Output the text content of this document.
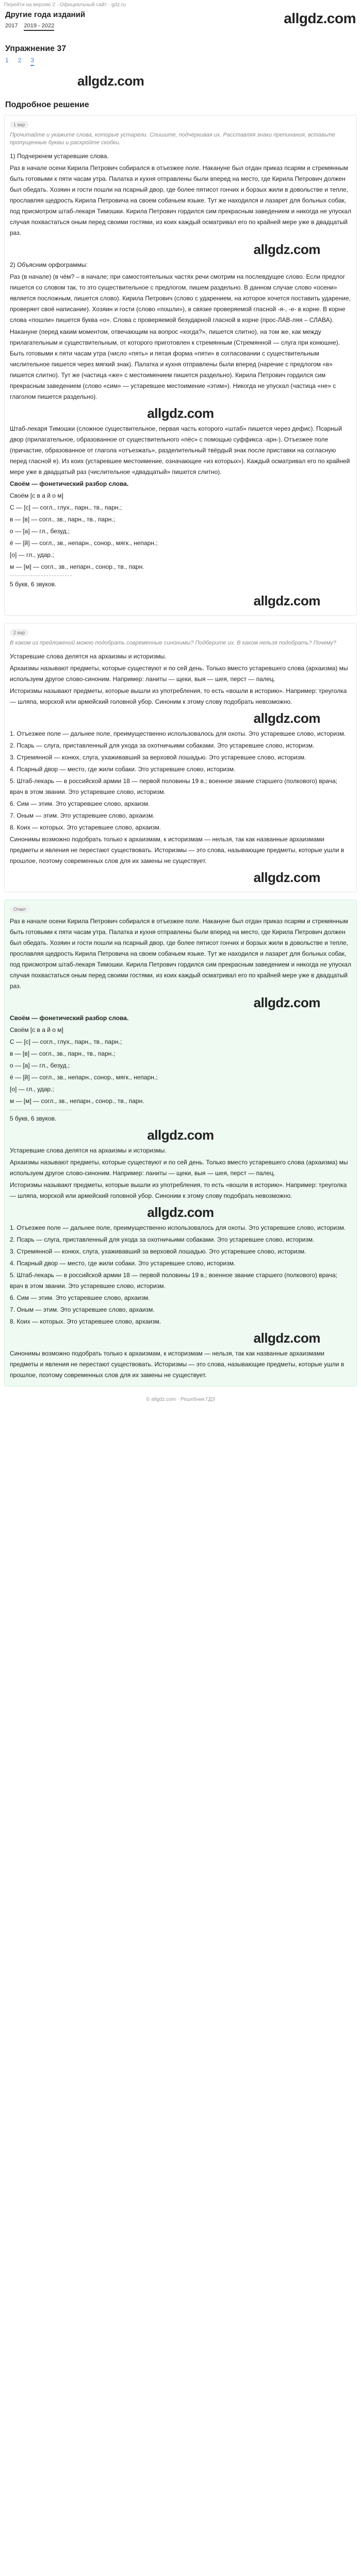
Перейти на версию 2 · Официальный сайт · gdz.ru
Другие года изданий
2017 2019 - 2022	allgdz.com
Упражнение 37
1 2 3
allgdz.com
Подробное решение
1 вар
Прочитайте и укажите слова, которые устарели. Спишите, подчеркивая их. Расставляя знаки препинания, вставьте пропущенные буквы и раскройте скобки.

1) Подчеркнем устаревшие слова.

Раз в начале осени Кирила Петрович собирался в отъезжее поле. Накануне был отдан приказ псарям и стремянным быть готовыми к пяти часам утра. Палатка и кухня отправлены были вперед на место, где Кирила Петрович должен был обедать. Хозяин и гости пошли на псарный двор, где более пятисот гончих и борзых жили в довольстве и тепле, прославляя щедрость Кирила Петровича на своем собачьем языке. Тут же находился и лазарет для больных собак, под присмотром штаб-лекаря Тимошки. Кирила Петрович гордился сим прекрасным заведением и никогда не упускал случая похвастаться оным перед своими гостями, из коих каждый осматривал его по крайней мере уже в двадцатый раз.

allgdz.com

2) Объясним орфограммы:

Раз (в начале) (в чём? – в начале; при самостоятельных частях речи смотрим на послевдущее слово. Если предлог пишется со словом так, то это существительное с предлогом, пишем раздельно. В данном случае слово «осени» является посложным, пишется слово). Кирила Петрович (слово с ударением, на которое хочется поставить ударение, проверяет своё написание). Хозяин и гости (слово «пошли»), в связке проверяемой гласной -я-, -е- в корне. В корне слова «пошли» пишется буква «о». Слова с проверяемой безударной гласной в корне (прос-ЛАВ-ляя – СЛАВА).

Накануне (перед каким моментом, отвечающим на вопрос «когда?», пишется слитно), на том же, как между прилагательным и существительным, от которого приготовлен к стремянным (Стремянной — слуга при конюшне). Быть готовыми к пяти часам утра (число «пять» и пятая форма «пяти» в согласовании с существительным числительное пишется через мягкий знак). Палатка и кухня отправлены были вперед (наречие с предлогом «в» пишется слитно). Тут же (частица «же» с местоимением пишется раздельно). Кирила Петрович гордился сим прекрасным заведением (слово «сим» — устаревшее местоимение «этим»). Никогда не упускал (частица «не» с глаголом пишется раздельно).

allgdz.com

Штаб-лекаря Тимошки (сложное существительное, первая часть которого «штаб» пишется через дефис). Псарный двор (прилагательное, образованное от существительного «пёс» с помощью суффикса -арн-). Отъезжее поле (причастие, образованное от глагола «отъезжать», разделительный твёрдый знак после приставки на согласную перед гласной е). Из коих (устаревшее местоимение, означающее «из которых»). Каждый осматривал его по крайней мере уже в двадцатый раз (числительное «двадцатый» пишется слитно).

Своём — фонетический разбор слова.

Своём [с в а й о м]

С — [с] — согл., глух., парн., тв., парн.;

в — [в] — согл., зв., парн., тв., парн.;

о — [а] — гл., безуд.;

ё — [й] — согл., зв., непарн., сонор., мягк., непарн.;

[о] — гл., удар.;

м — [м] — согл., зв., непарн., сонор., тв., парн.

5 букв, 6 звуков.

allgdz.com
2 вар
В каком из предложений можно подобрать современные синонимы? Подберите их. В каком нельзя подобрать? Почему?

Устаревшие слова делятся на архаизмы и историзмы.

Архаизмы называют предметы, которые существуют и по сей день. Только вместо устаревшего слова (архаизма) мы используем другое слово-синоним. Например: ланиты — щеки, выя — шея, перст — палец.

Историзмы называют предметы, которые вышли из употребления, то есть «вошли в историю». Например: треуголка — шляпа, морской или армейский головной убор. Синоним к этому слову подобрать невозможно.

allgdz.com

1. Отъезжее поле — дальнее поле, преимущественно использовалось для охоты. Это устаревшее слово, историзм.

2. Псарь — слуга, приставленный для ухода за охотничьими собаками. Это устаревшее слово, историзм.

3. Стремянной — конюх, слуга, ухаживавший за верховой лошадью. Это устаревшее слово, историзм.

4. Псарный двор — место, где жили собаки. Это устаревшее слово, историзм.

5. Штаб-лекарь — в российской армии 18 — первой половины 19 в.; военное звание старшего (полкового) врача; врач в этом звании. Это устаревшее слово, историзм.

6. Сим — этим. Это устаревшее слово, архаизм.

7. Оным — этим. Это устаревшее слово, архаизм.

8. Коих — которых. Это устаревшее слово, архаизм.

Синонимы возможно подобрать только к архаизмам, к историзмам — нельзя, так как названные архаизмами предметы и явления не перестают существовать. Историзмы — это слова, называющие предметы, которые ушли в прошлое, поэтому современных слов для их замены не существует.

allgdz.com
Ответ

Раз в начале осени Кирила Петрович собирался в отъезжее поле. Накануне был отдан приказ псарям и стремянным быть готовыми к пяти часам утра. Палатка и кухня отправлены были вперед на место, где Кирила Петрович должен был обедать. Хозяин и гости пошли на псарный двор, где более пятисот гончих и борзых жили в довольстве и тепле, прославляя щедрость Кирила Петровича на своем собачьем языке. Тут же находился и лазарет для больных собак, под присмотром штаб-лекаря Тимошки. Кирила Петрович гордился сим прекрасным заведением и никогда не упускал случая похвастаться оным перед своими гостями, из коих каждый осматривал его по крайней мере уже в двадцатый раз.

allgdz.com

Своём — фонетический разбор слова.

Своём [с в а й о м]

С — [с] — согл., глух., парн., тв., парн.;

в — [в] — согл., зв., парн., тв., парн.;

о — [а] — гл., безуд.;

ё — [й] — согл., зв., непарн., сонор., мягк., непарн.;

[о] — гл., удар.;

м — [м] — согл., зв., непарн., сонор., тв., парн.

5 букв, 6 звуков.

allgdz.com

Устаревшие слова делятся на архаизмы и историзмы.

Архаизмы называют предметы, которые существуют и по сей день. Только вместо устаревшего слова (архаизма) мы используем другое слово-синоним. Например: ланиты — щеки, выя — шея, перст — палец.

Историзмы называют предметы, которые вышли из употребления, то есть «вошли в историю». Например: треуголка — шляпа, морской или армейский головной убор. Синоним к этому слову подобрать невозможно.

allgdz.com

1. Отъезжее поле — дальнее поле, преимущественно использовалось для охоты. Это устаревшее слово, историзм.

2. Псарь — слуга, приставленный для ухода за охотничьими собаками. Это устаревшее слово, историзм.

3. Стремянной — конюх, слуга, ухаживавший за верховой лошадью. Это устаревшее слово, историзм.

4. Псарный двор — место, где жили собаки. Это устаревшее слово, историзм.

5. Штаб-лекарь — в российской армии 18 — первой половины 19 в.; военное звание старшего (полкового) врача; врач в этом звании. Это устаревшее слово, историзм.

6. Сим — этим. Это устаревшее слово, архаизм.

7. Оным — этим. Это устаревшее слово, архаизм.

8. Коих — которых. Это устаревшее слово, архаизм.

allgdz.com

Синонимы возможно подобрать только к архаизмам, к историзмам — нельзя, так как названные архаизмами предметы и явления не перестают существовать. Историзмы — это слова, называющие предметы, которые ушли в прошлое, поэтому современных слов для их замены не существует.

© allgdz.com · Решебник ГДЗ
